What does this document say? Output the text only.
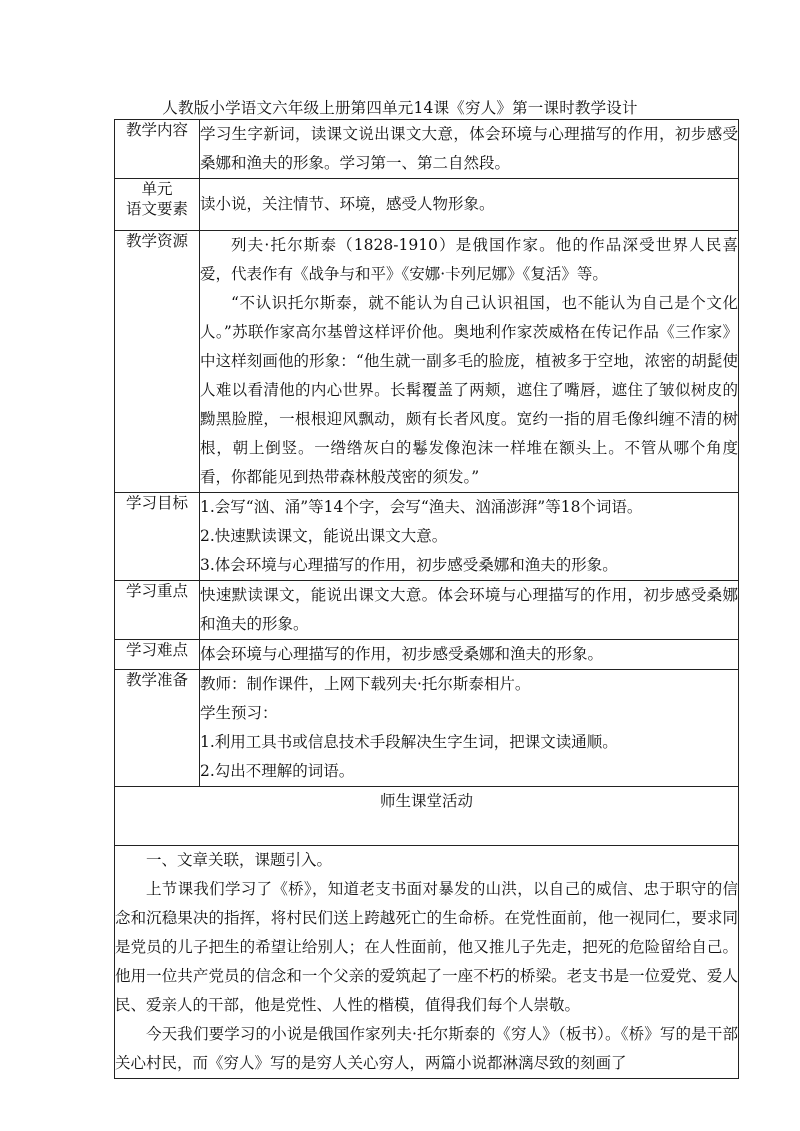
人教版小学语文六年级上册第四单元14课《穷人》第一课时教学设计
教学内容	学习生字新词，读课文说出课文大意，体会环境与心理描写的作用，初步感受桑娜和渔夫的形象。学习第一、第二自然段。

单元
语文要素	读小说，关注情节、环境，感受人物形象。

教学资源	列夫·托尔斯泰（1828-1910）是俄国作家。他的作品深受世界人民喜爱，代表作有《战争与和平》《安娜·卡列尼娜》《复活》等。

“不认识托尔斯泰，就不能认为自己认识祖国，也不能认为自己是个文化人。”苏联作家高尔基曾这样评价他。奥地利作家茨威格在传记作品《三作家》中这样刻画他的形象：“他生就一副多毛的脸庞，植被多于空地，浓密的胡髭使人难以看清他的内心世界。长髯覆盖了两颊，遮住了嘴唇，遮住了皱似树皮的黝黑脸膛，一根根迎风飘动，颇有长者风度。宽约一指的眉毛像纠缠不清的树根，朝上倒竖。一绺绺灰白的鬈发像泡沫一样堆在额头上。不管从哪个角度看，你都能见到热带森林般茂密的须发。”

学习目标	1.会写“汹、涌”等14个字，会写“渔夫、汹涌澎湃”等18个词语。

2.快速默读课文，能说出课文大意。

3.体会环境与心理描写的作用，初步感受桑娜和渔夫的形象。

学习重点	快速默读课文，能说出课文大意。体会环境与心理描写的作用，初步感受桑娜和渔夫的形象。

学习难点	体会环境与心理描写的作用，初步感受桑娜和渔夫的形象。

教学准备	教师：制作课件，上网下载列夫·托尔斯泰相片。

学生预习：

1.利用工具书或信息技术手段解决生字生词，把课文读通顺。

2.勾出不理解的词语。

师生课堂活动	

一、文章关联，课题引入。

上节课我们学习了《桥》，知道老支书面对暴发的山洪，以自己的威信、忠于职守的信念和沉稳果决的指挥，将村民们送上跨越死亡的生命桥。在党性面前，他一视同仁，要求同是党员的儿子把生的希望让给别人；在人性面前，他又推儿子先走，把死的危险留给自己。他用一位共产党员的信念和一个父亲的爱筑起了一座不朽的桥梁。老支书是一位爱党、爱人民、爱亲人的干部，他是党性、人性的楷模，值得我们每个人崇敬。

今天我们要学习的小说是俄国作家列夫·托尔斯泰的《穷人》（板书）。《桥》写的是干部关心村民，而《穷人》写的是穷人关心穷人，两篇小说都淋漓尽致的刻画了	
